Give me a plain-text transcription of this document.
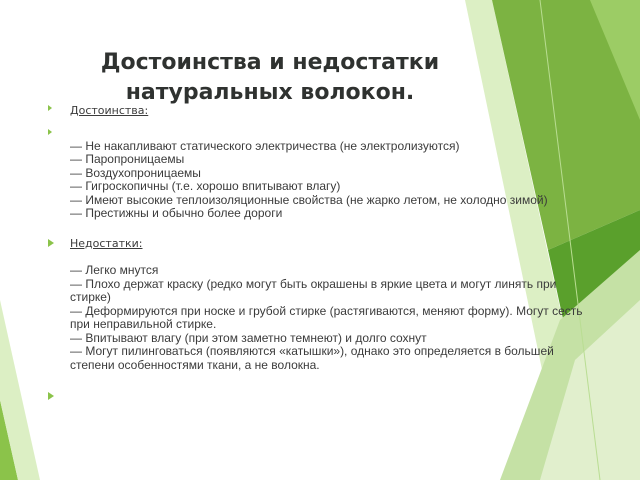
Достоинства и недостатки натуральных волокон.
Достоинства:
— Не накапливают статического электричества (не электролизуются)
— Паропроницаемы
— Воздухопроницаемы
— Гигроскопичны (т.е. хорошо впитывают влагу)
— Имеют высокие теплоизоляционные свойства (не жарко летом, не холодно зимой)
— Престижны и обычно более дороги
Недостатки:
— Легко мнутся
— Плохо держат краску (редко могут быть окрашены в яркие цвета и могут линять при стирке)
— Деформируются при носке и грубой стирке (растягиваются, меняют форму). Могут сесть при неправильной стирке.
— Впитывают влагу (при этом заметно темнеют) и долго сохнут
— Могут пилинговаться (появляются «катышки»), однако это определяется в большей степени особенностями ткани, а не волокна.
